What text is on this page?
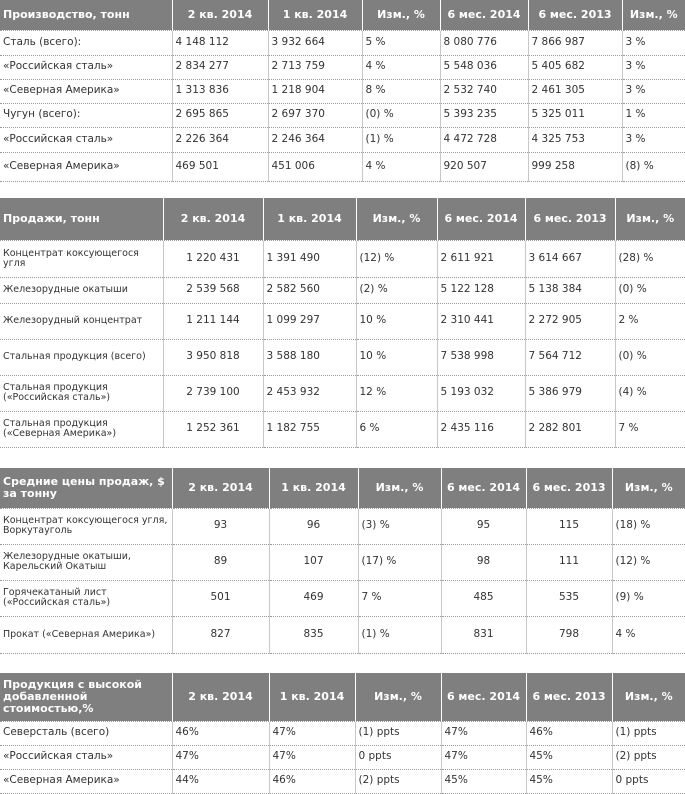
Производство, тонн	2 кв. 2014	1 кв. 2014	Изм., %	6 мес. 2014	6 мес. 2013	Изм., %
Сталь (всего):	4 148 112	3 932 664	5 %	8 080 776	7 866 987	3 %
«Российская сталь»	2 834 277	2 713 759	4 %	5 548 036	5 405 682	3 %
«Северная Америка»	1 313 836	1 218 904	8 %	2 532 740	2 461 305	3 %
Чугун (всего):	2 695 865	2 697 370	(0) %	5 393 235	5 325 011	1 %
«Российская сталь»	2 226 364	2 246 364	(1) %	4 472 728	4 325 753	3 %
«Северная Америка»	469 501	451 006	4 %	920 507	999 258	(8) %
Продажи, тонн	2 кв. 2014	1 кв. 2014	Изм., %	6 мес. 2014	6 мес. 2013	Изм., %
Концентрат коксующегося угля	1 220 431	1 391 490	(12) %	2 611 921	3 614 667	(28) %
Железорудные окатыши	2 539 568	2 582 560	(2) %	5 122 128	5 138 384	(0) %
Железорудный концентрат	1 211 144	1 099 297	10 %	2 310 441	2 272 905	2 %
Стальная продукция (всего)	3 950 818	3 588 180	10 %	7 538 998	7 564 712	(0) %
Стальная продукция («Российская сталь»)	2 739 100	2 453 932	12 %	5 193 032	5 386 979	(4) %
Стальная продукция («Северная Америка»)	1 252 361	1 182 755	6 %	2 435 116	2 282 801	7 %
Средние цены продаж, $ за тонну	2 кв. 2014	1 кв. 2014	Изм., %	6 мес. 2014	6 мес. 2013	Изм., %
Концентрат коксующегося угля, Воркутауголь	93	96	(3) %	95	115	(18) %
Железорудные окатыши, Карельский Окатыш	89	107	(17) %	98	111	(12) %
Горячекатаный лист («Российская сталь»)	501	469	7 %	485	535	(9) %
Прокат («Северная Америка»)	827	835	(1) %	831	798	4 %
Продукция с высокой добавленной стоимостью,%	2 кв. 2014	1 кв. 2014	Изм., %	6 мес. 2014	6 мес. 2013	Изм., %
Северсталь (всего)	46%	47%	(1) ppts	47%	46%	(1) ppts
«Российская сталь»	47%	47%	0 ppts	47%	45%	(2) ppts
«Северная Америка»	44%	46%	(2) ppts	45%	45%	0 ppts
